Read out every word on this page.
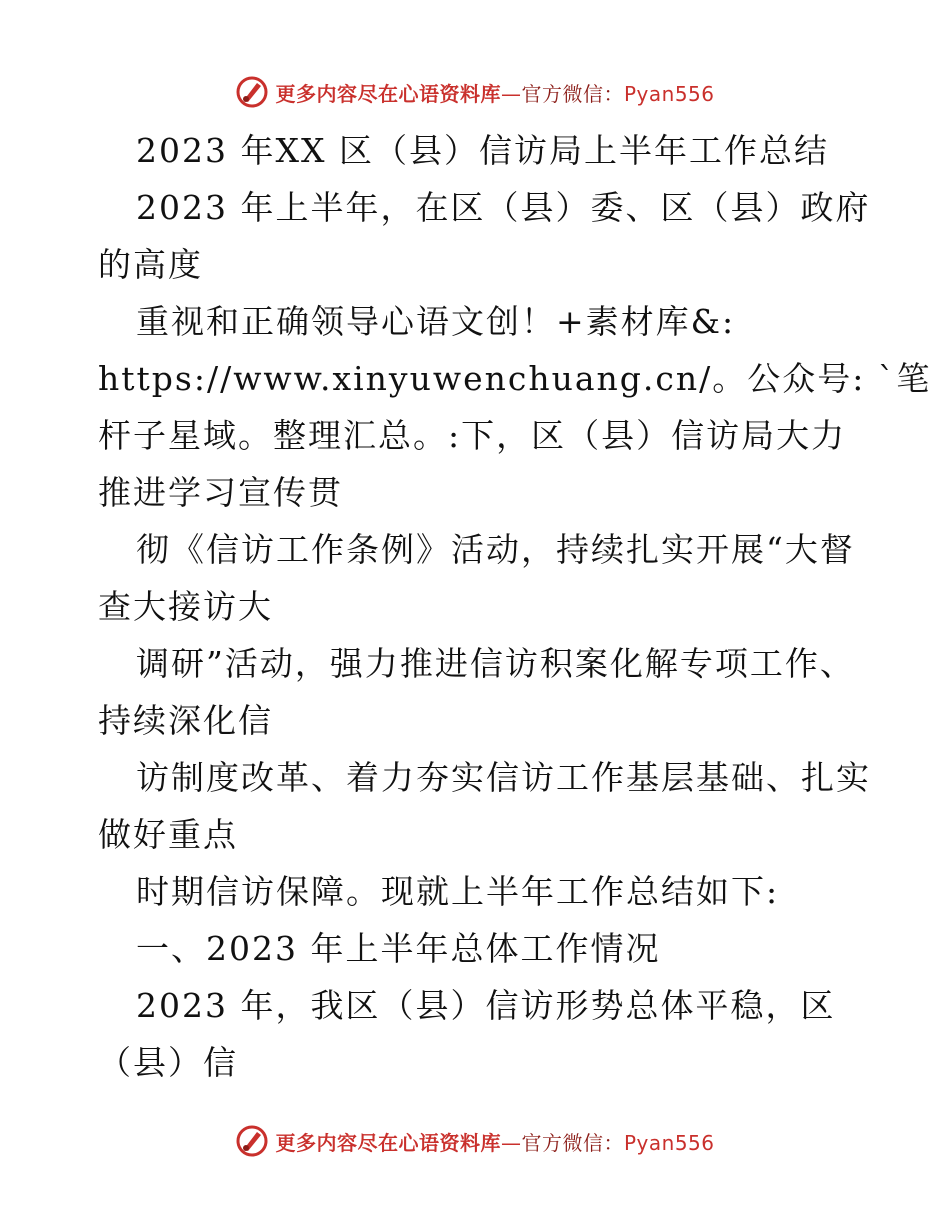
更多内容尽在心语资料库—官方微信：Pyan556
2023 年XX 区（县）信访局上半年工作总结
2023 年上半年，在区（县）委、区（县）政府
的高度
重视和正确领导心语文创！+素材库&:
https://www.xinyuwenchuang.cn/。公众号: `笔
杆子星域。整理汇总。:下，区（县）信访局大力
推进学习宣传贯
彻《信访工作条例》活动，持续扎实开展“大督
查大接访大
调研”活动，强力推进信访积案化解专项工作、
持续深化信
访制度改革、着力夯实信访工作基层基础、扎实
做好重点
时期信访保障。现就上半年工作总结如下:
一、2023 年上半年总体工作情况
2023 年，我区（县）信访形势总体平稳，区
（县）信
更多内容尽在心语资料库—官方微信：Pyan556
